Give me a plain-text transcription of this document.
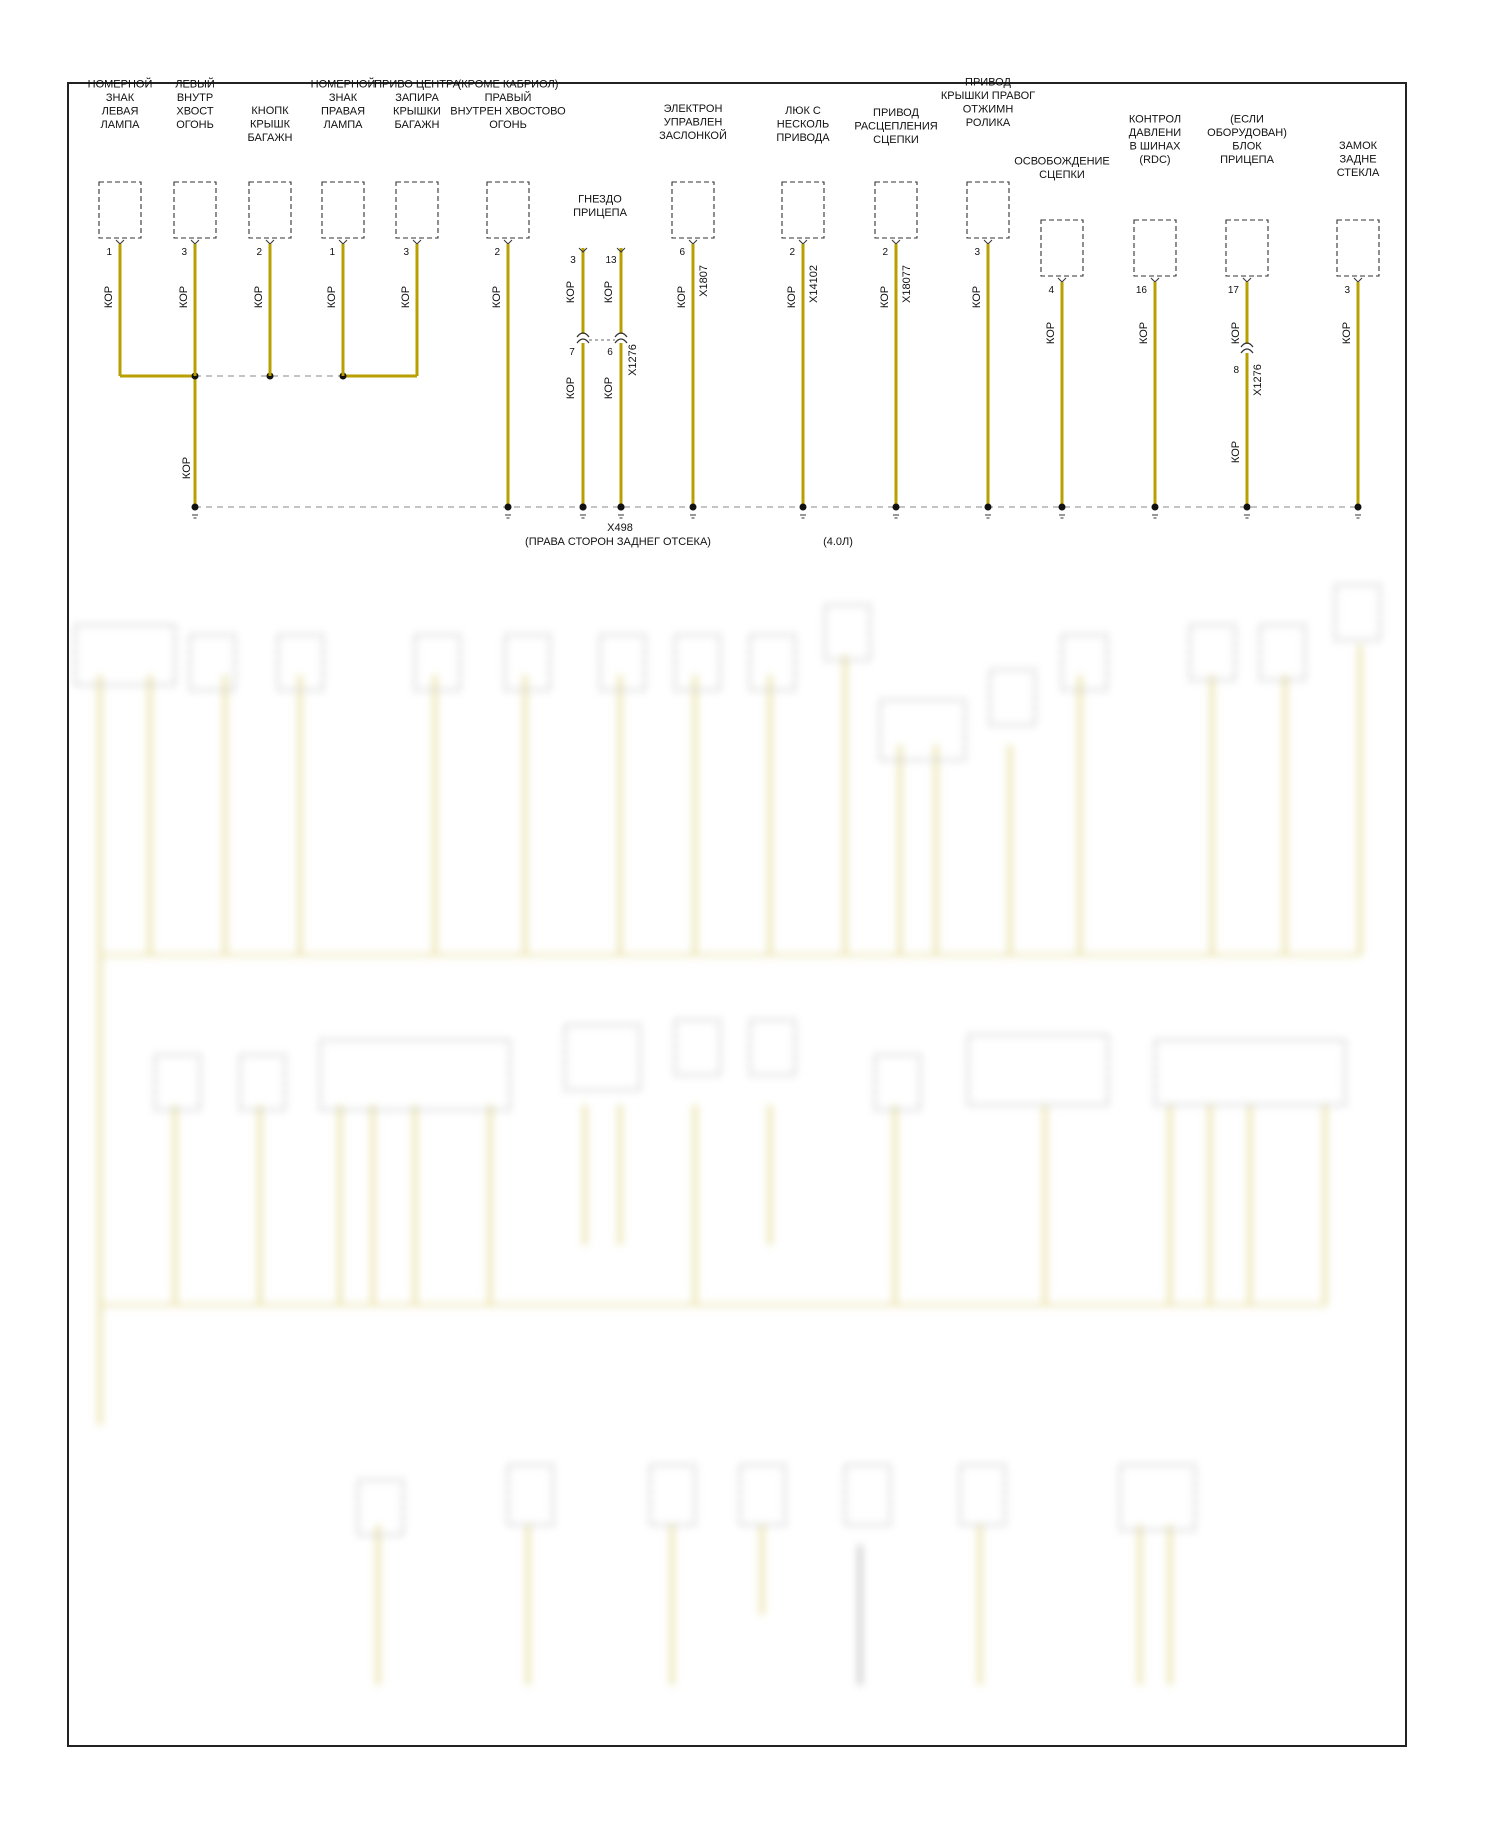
КОР
НОМЕРНОЙ
ЗНАК
ЛЕВАЯ
ЛАМПА
1
КОР
ЛЕВЫЙ
ВНУТР
ХВОСТ
ОГОНЬ
3
КОР
КНОПК
КРЫШК
БАГАЖН
2
КОР
НОМЕРНОЙ
ЗНАК
ПРАВАЯ
ЛАМПА
1
КОР
ПРИВО ЦЕНТРА
ЗАПИРА
КРЫШКИ
БАГАЖН
3
КОР
(КРОМЕ КАБРИОЛ)
ПРАВЫЙ
ВНУТРЕН ХВОСТОВО
ОГОНЬ
2
КОР
ГНЕЗДО
ПРИЦЕПА
3
7
КОР
КОР
13
6
КОР
КОР
X1276
ЭЛЕКТРОН
УПРАВЛЕН
ЗАСЛОНКОЙ
6
КОР
X1807
ЛЮК С
НЕСКОЛЬ
ПРИВОДА
2
КОР X14102
ПРИВОД
РАСЦЕПЛЕНИЯ
СЦЕПКИ
2
КОР X18077
ПРИВОД
КРЫШКИ ПРАВОГ
ОТЖИМН
РОЛИКА
3
КОР
ОСВОБОЖДЕНИЕ
СЦЕПКИ
4
КОР
КОНТРОЛ
ДАВЛЕНИ
В ШИНАХ
(RDC)
16
КОР
(ЕСЛИ
ОБОРУДОВАН)
БЛОК
ПРИЦЕПА
17
8 X1276
КОР
КОР
ЗАМОК
ЗАДНЕ
СТЕКЛА
3
КОР
X498
(ПРАВА СТОРОН ЗАДНЕГ ОТСЕКА)	(4.0Л)
